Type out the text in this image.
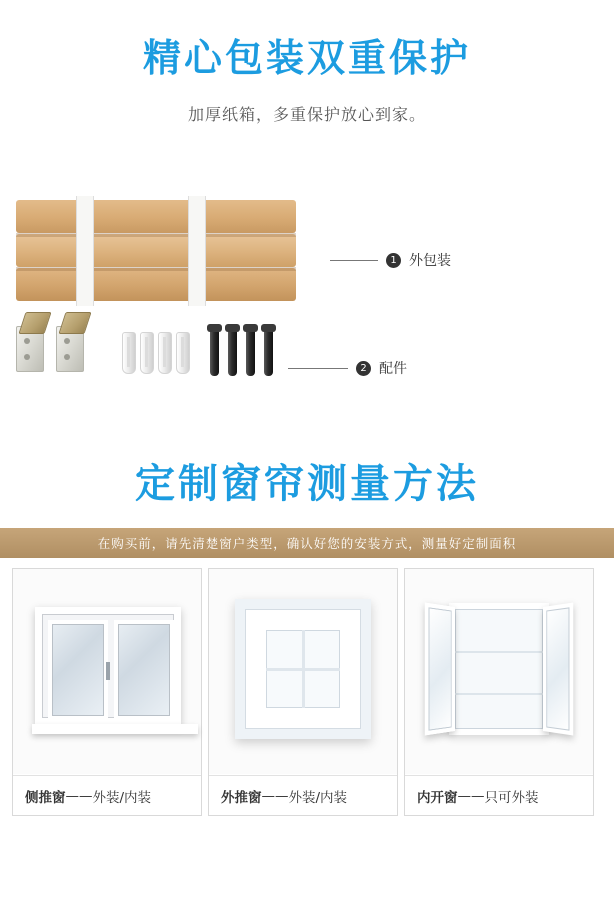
精心包装双重保护
加厚纸箱，多重保护放心到家。
1 外包装
2 配件
定制窗帘测量方法
在购买前，请先清楚窗户类型，确认好您的安装方式，测量好定制面积
侧推窗 —— 外装/内装	外推窗 —— 外装/内装	内开窗 —— 只可外装
